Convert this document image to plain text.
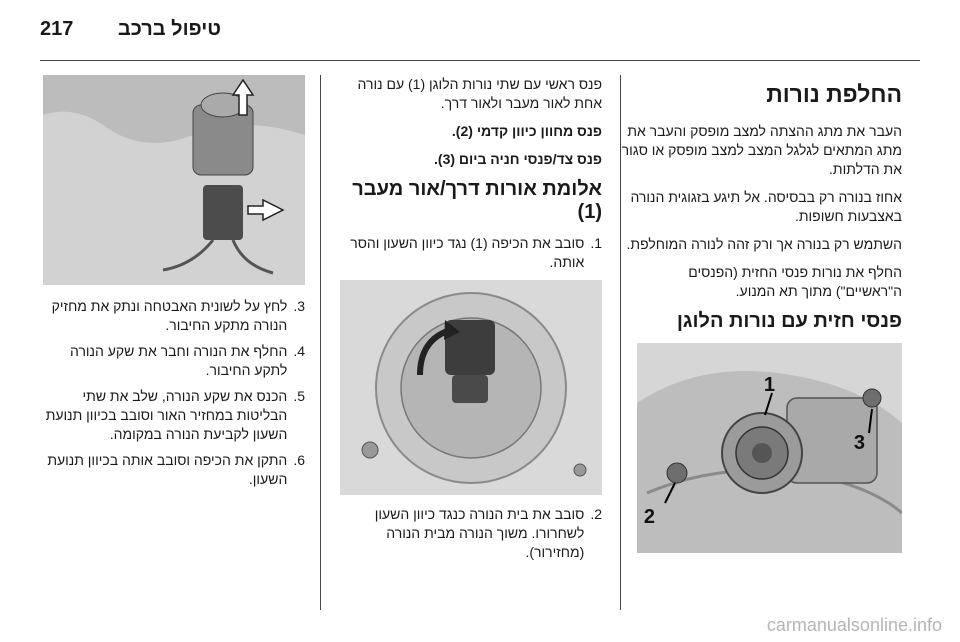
217 טיפול ברכב
החלפת נורות

העבר את מתג ההצתה למצב מופסק והעבר את מתג המתאים לגלגל המצב למצב מופסק או סגור את הדלתות.

אחוז בנורה רק בבסיסה. אל תיגע בזגוגית הנורה באצבעות חשופות.

השתמש רק בנורה אך ורק זהה לנורה המוחלפת.

החלף את נורות פנסי החזית (הפנסים ה"ראשיים") מתוך תא המנוע.

פנסי חזית עם נורות הלוגן
1
2
3

פנס ראשי עם שתי נורות הלוגן (1) עם נורה אחת לאור מעבר ולאור דרך.

פנס מחוון כיוון קדמי (2).

פנס צד/פנסי חניה ביום (3).

אלומת אורות דרך/אור מעבר (1)
1.
סובב את הכיפה (1) נגד כיוון השעון והסר אותה.
2.
סובב את בית הנורה כנגד כיוון השעון לשחרורו. משוך הנורה מבית הנורה (מחזירור).
3.
לחץ על לשונית האבטחה ונתק את מחזיק הנורה מתקע החיבור.
4.
החלף את הנורה וחבר את שקע הנורה לתקע החיבור.
5.
הכנס את שקע הנורה, שלב את שתי הבליטות במחזיר האור וסובב בכיוון תנועת השעון לקביעת הנורה במקומה.
6.
התקן את הכיפה וסובב אותה בכיוון תנועת השעון.
carmanualsonline.info
